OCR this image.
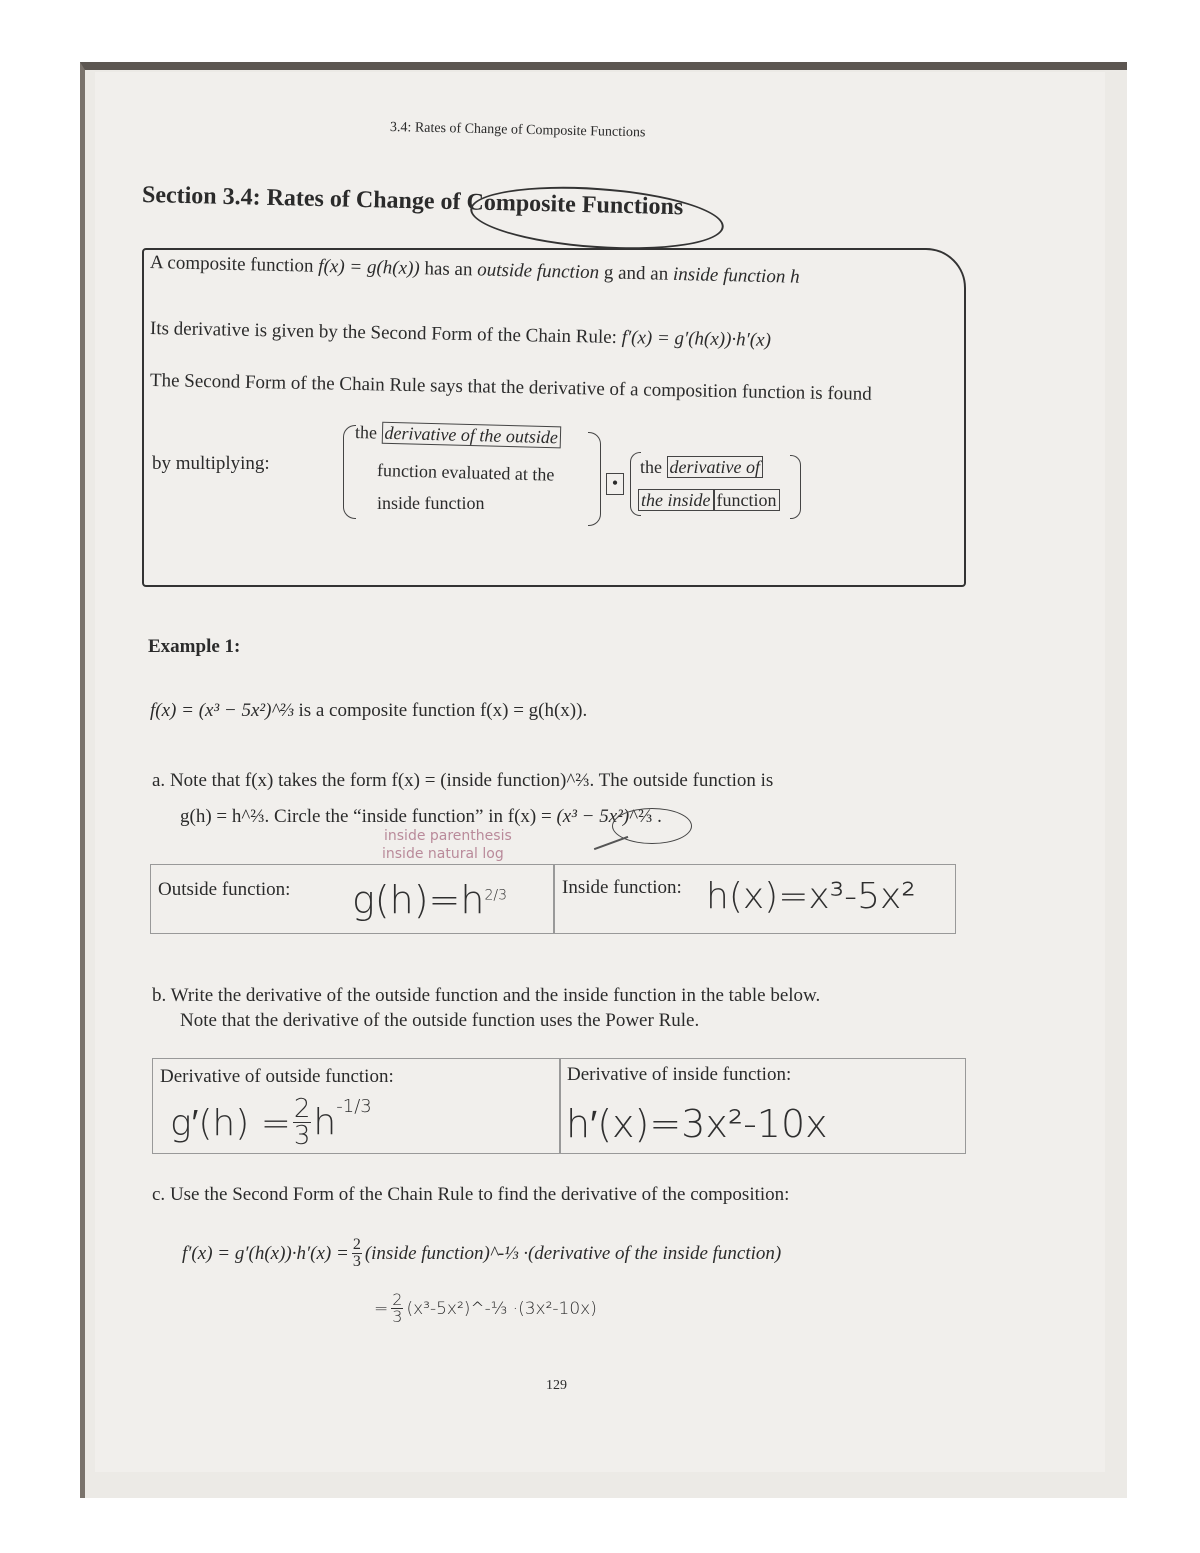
3.4: Rates of Change of Composite Functions
Section 3.4: Rates of Change of Composite Functions
A composite function f(x) = g(h(x)) has an outside function g and an inside function h
Its derivative is given by the Second Form of the Chain Rule: f′(x) = g′(h(x))·h′(x)
The Second Form of the Chain Rule says that the derivative of a composition function is found
by multiplying:
the derivative of the outside
function evaluated at the
inside function
•
the derivative of
the inside function
Example 1:
f(x) = (x³ − 5x²)^⅔ is a composite function f(x) = g(h(x)).
a. Note that f(x) takes the form f(x) = (inside function)^⅔. The outside function is
g(h) = h^⅔. Circle the “inside function” in f(x) = (x³ − 5x²)^⅔ .
inside parenthesis
inside natural log
Outside function: $g(h)=h^{2/3}$	Inside function: h(x)=x³-5x²
b. Write the derivative of the outside function and the inside function in the table below.
Note that the derivative of the outside function uses the Power Rule.
Derivative of outside function:
$g'(h) = \frac{2}{3} h^{-1/3}$
Derivative of inside function:
h′(x)=3x²-10x
c. Use the Second Form of the Chain Rule to find the derivative of the composition:
$f'(x) = g'(h(x))\cdot h'(x) = \frac{2}{3}$ (inside function)^-⅓ ·(derivative of the inside function)
= $\frac{2}{3}$ (x³-5x²)^-⅓ ·(3x²-10x)
129
